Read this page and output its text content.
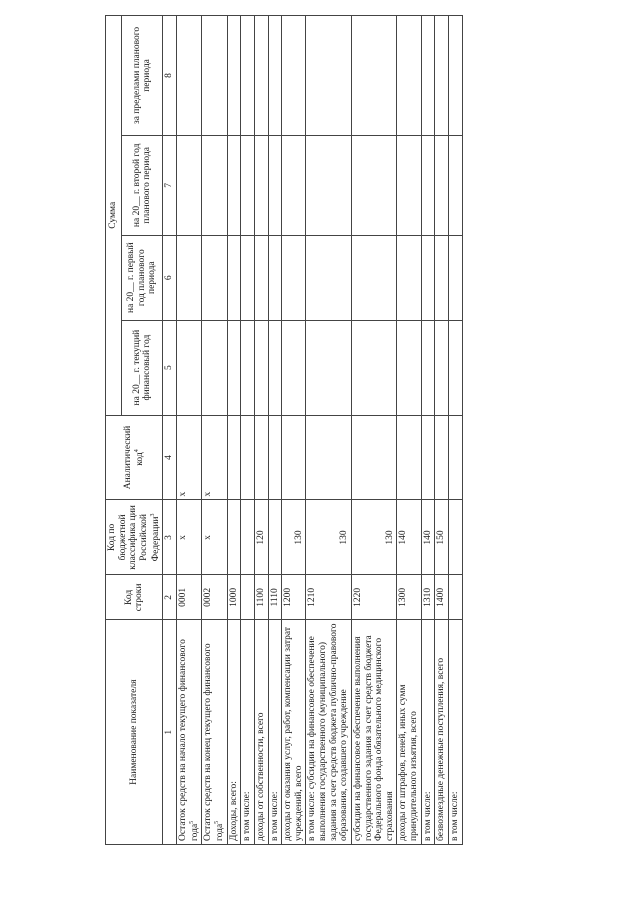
Наименование показателя	Код строки	Код по бюджетной классифика ции Российской Федерации$^3$	Аналитический код$^4$	Сумма			
				на 20__ г. текущий финансовый год	на 20__ г. первый год планового периода	на 20__ г. второй год планового периода	за пределами планового периода
1	2	3	4	5	6	7	8
Остаток средств на начало текущего финансового года$^5$	0001	x	x				
Остаток средств на конец текущего финансового года$^5$	0002	x	x				
Доходы, всего:	1000						
в том числе:							
доходы от собственности, всего	1100	120					
в том числе:	1110						
доходы от оказания услуг, работ, компенсации затрат учреждений, всего	1200	130					
в том числе: субсидии на финансовое обеспечение выполнения государственного (муниципального) задания за счет средств бюджета публично-правового образования, создавшего учреждение	1210	130					
субсидии на финансовое обеспечение выполнения государственного задания за счет средств бюджета Федерального фонда обязательного медицинского страхования	1220	130					
доходы от штрафов, пеней, иных сумм принудительного изъятия, всего	1300	140					
в том числе:	1310	140					
безвозмездные денежные поступления, всего	1400	150					
в том числе:							
